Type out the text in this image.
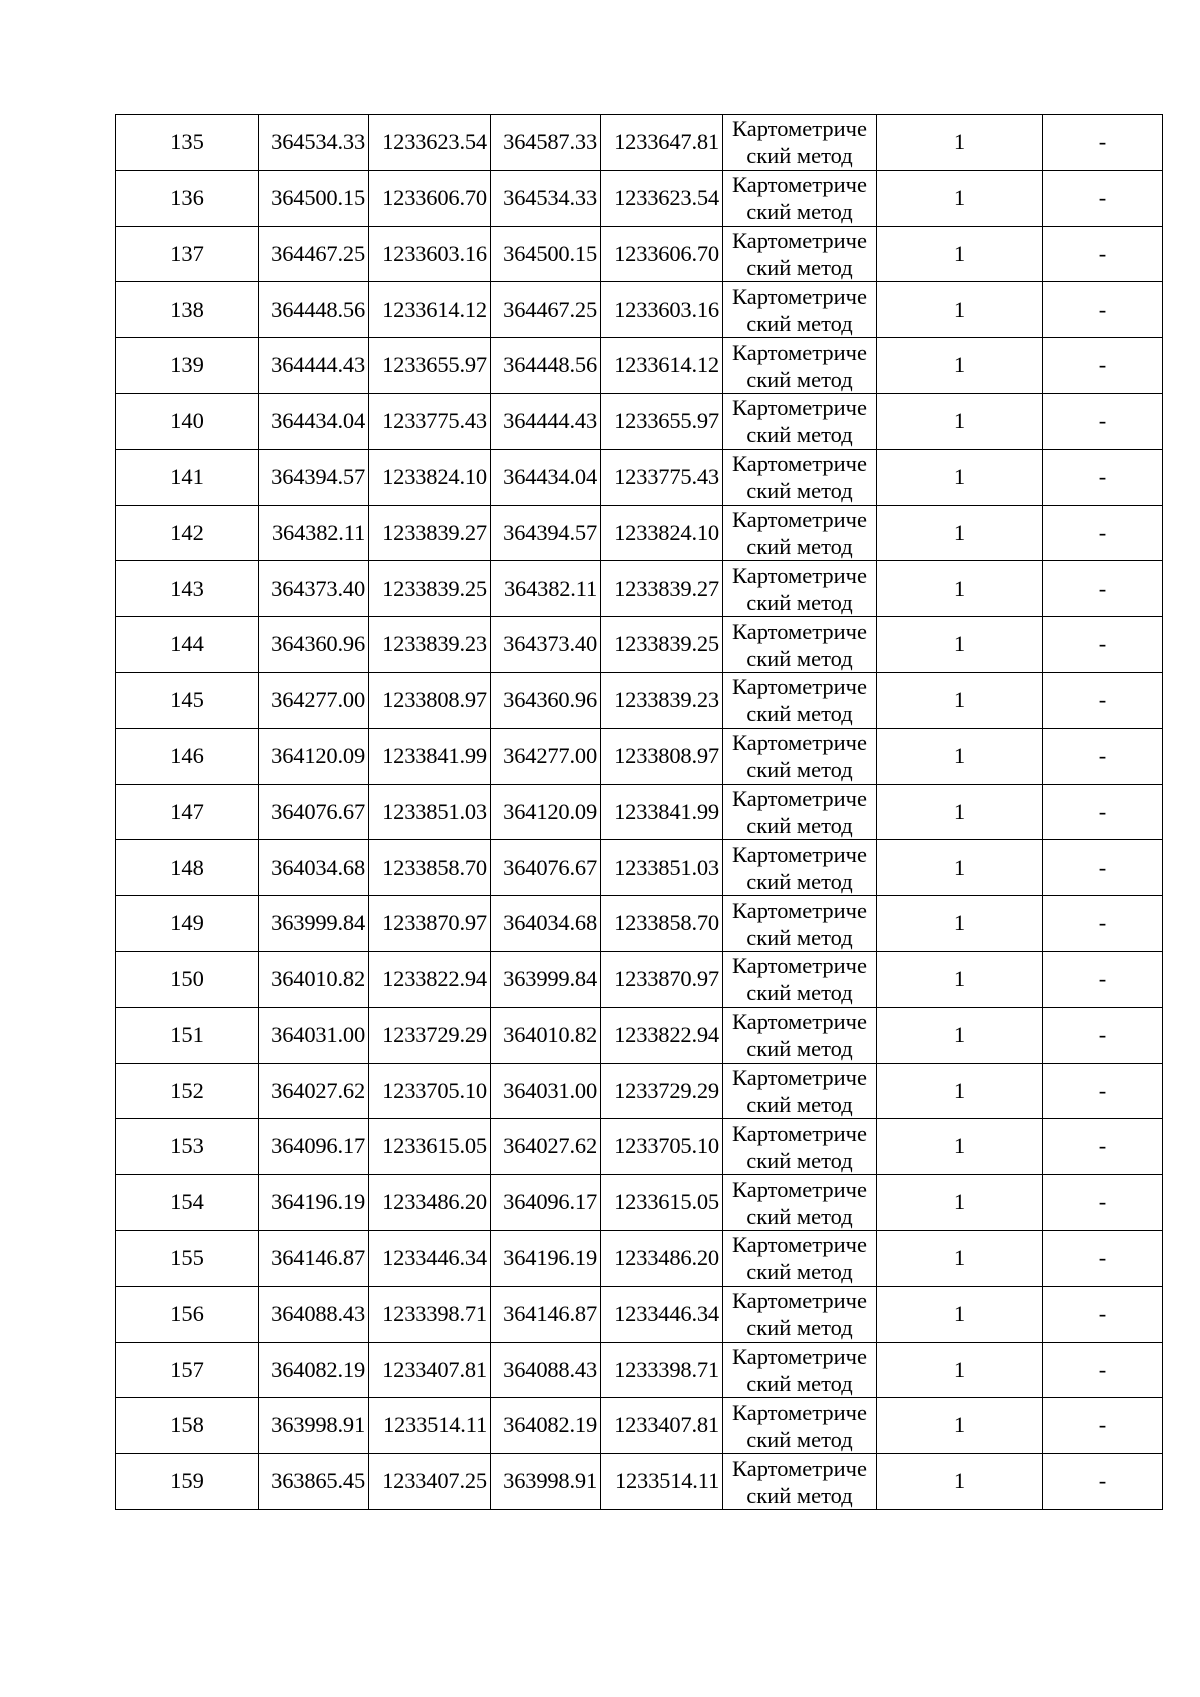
135	364534.33	1233623.54	364587.33	1233647.81	Картометриче
ский метод	1	-
136	364500.15	1233606.70	364534.33	1233623.54	Картометриче
ский метод	1	-
137	364467.25	1233603.16	364500.15	1233606.70	Картометриче
ский метод	1	-
138	364448.56	1233614.12	364467.25	1233603.16	Картометриче
ский метод	1	-
139	364444.43	1233655.97	364448.56	1233614.12	Картометриче
ский метод	1	-
140	364434.04	1233775.43	364444.43	1233655.97	Картометриче
ский метод	1	-
141	364394.57	1233824.10	364434.04	1233775.43	Картометриче
ский метод	1	-
142	364382.11	1233839.27	364394.57	1233824.10	Картометриче
ский метод	1	-
143	364373.40	1233839.25	364382.11	1233839.27	Картометриче
ский метод	1	-
144	364360.96	1233839.23	364373.40	1233839.25	Картометриче
ский метод	1	-
145	364277.00	1233808.97	364360.96	1233839.23	Картометриче
ский метод	1	-
146	364120.09	1233841.99	364277.00	1233808.97	Картометриче
ский метод	1	-
147	364076.67	1233851.03	364120.09	1233841.99	Картометриче
ский метод	1	-
148	364034.68	1233858.70	364076.67	1233851.03	Картометриче
ский метод	1	-
149	363999.84	1233870.97	364034.68	1233858.70	Картометриче
ский метод	1	-
150	364010.82	1233822.94	363999.84	1233870.97	Картометриче
ский метод	1	-
151	364031.00	1233729.29	364010.82	1233822.94	Картометриче
ский метод	1	-
152	364027.62	1233705.10	364031.00	1233729.29	Картометриче
ский метод	1	-
153	364096.17	1233615.05	364027.62	1233705.10	Картометриче
ский метод	1	-
154	364196.19	1233486.20	364096.17	1233615.05	Картометриче
ский метод	1	-
155	364146.87	1233446.34	364196.19	1233486.20	Картометриче
ский метод	1	-
156	364088.43	1233398.71	364146.87	1233446.34	Картометриче
ский метод	1	-
157	364082.19	1233407.81	364088.43	1233398.71	Картометриче
ский метод	1	-
158	363998.91	1233514.11	364082.19	1233407.81	Картометриче
ский метод	1	-
159	363865.45	1233407.25	363998.91	1233514.11	Картометриче
ский метод	1	-
